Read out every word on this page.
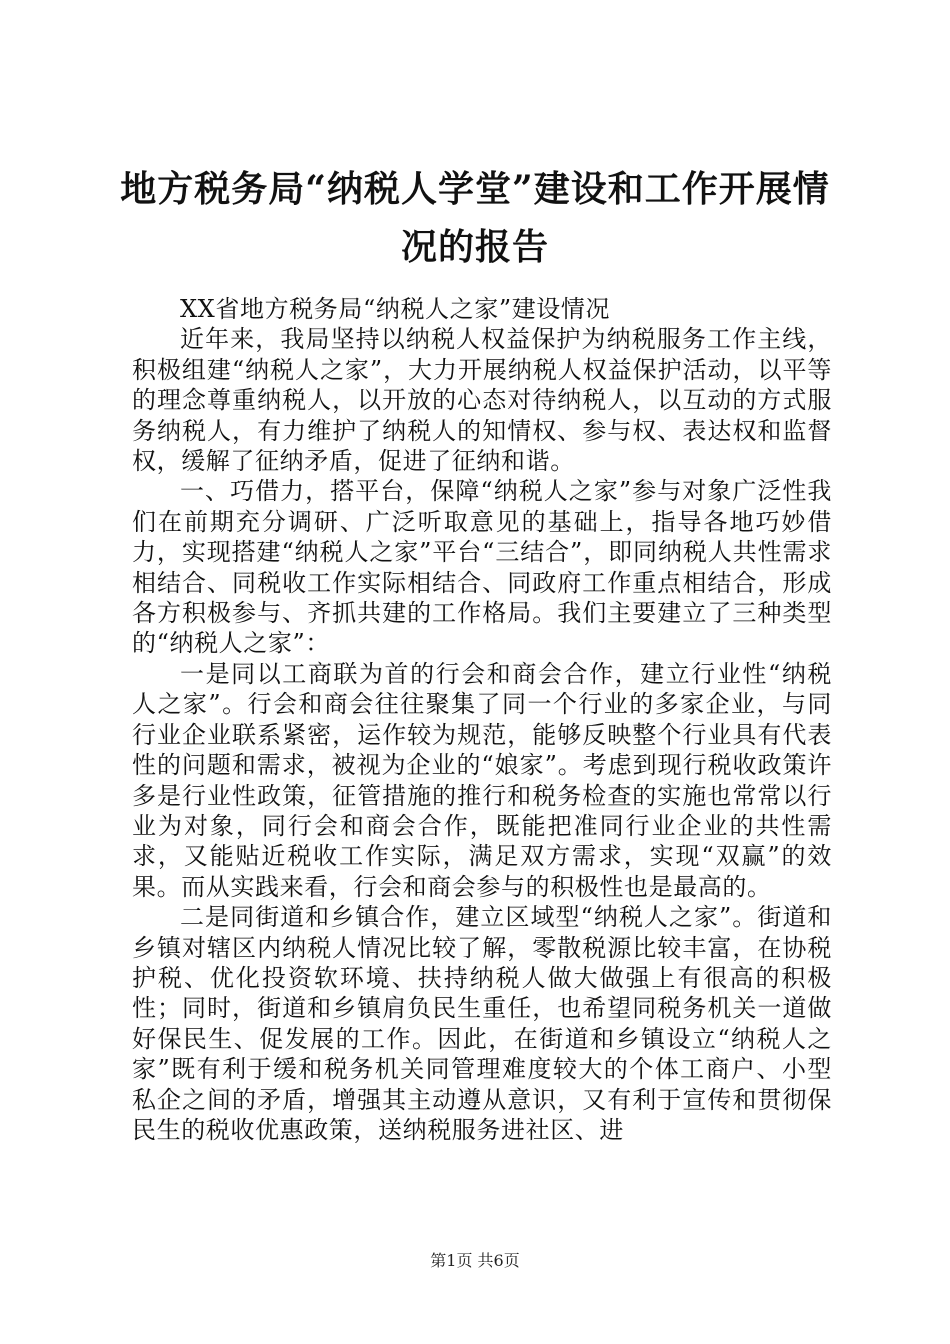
地方税务局“纳税人学堂”建设和工作开展情况的报告

XX省地方税务局“纳税人之家”建设情况

近年来，我局坚持以纳税人权益保护为纳税服务工作主线，积极组建“纳税人之家”，大力开展纳税人权益保护活动，以平等的理念尊重纳税人，以开放的心态对待纳税人，以互动的方式服务纳税人，有力维护了纳税人的知情权、参与权、表达权和监督权，缓解了征纳矛盾，促进了征纳和谐。

一、巧借力，搭平台，保障“纳税人之家”参与对象广泛性我们在前期充分调研、广泛听取意见的基础上，指导各地巧妙借力，实现搭建“纳税人之家”平台“三结合”，即同纳税人共性需求相结合、同税收工作实际相结合、同政府工作重点相结合，形成各方积极参与、齐抓共建的工作格局。我们主要建立了三种类型的“纳税人之家”：

一是同以工商联为首的行会和商会合作，建立行业性“纳税人之家”。行会和商会往往聚集了同一个行业的多家企业，与同行业企业联系紧密，运作较为规范，能够反映整个行业具有代表性的问题和需求，被视为企业的“娘家”。考虑到现行税收政策许多是行业性政策，征管措施的推行和税务检查的实施也常常以行业为对象，同行会和商会合作，既能把准同行业企业的共性需求，又能贴近税收工作实际，满足双方需求，实现“双赢”的效果。而从实践来看，行会和商会参与的积极性也是最高的。

二是同街道和乡镇合作，建立区域型“纳税人之家”。街道和乡镇对辖区内纳税人情况比较了解，零散税源比较丰富，在协税护税、优化投资软环境、扶持纳税人做大做强上有很高的积极性；同时，街道和乡镇肩负民生重任，也希望同税务机关一道做好保民生、促发展的工作。因此，在街道和乡镇设立“纳税人之家”既有利于缓和税务机关同管理难度较大的个体工商户、小型私企之间的矛盾，增强其主动遵从意识，又有利于宣传和贯彻保民生的税收优惠政策，送纳税服务进社区、进

第1页 共6页
